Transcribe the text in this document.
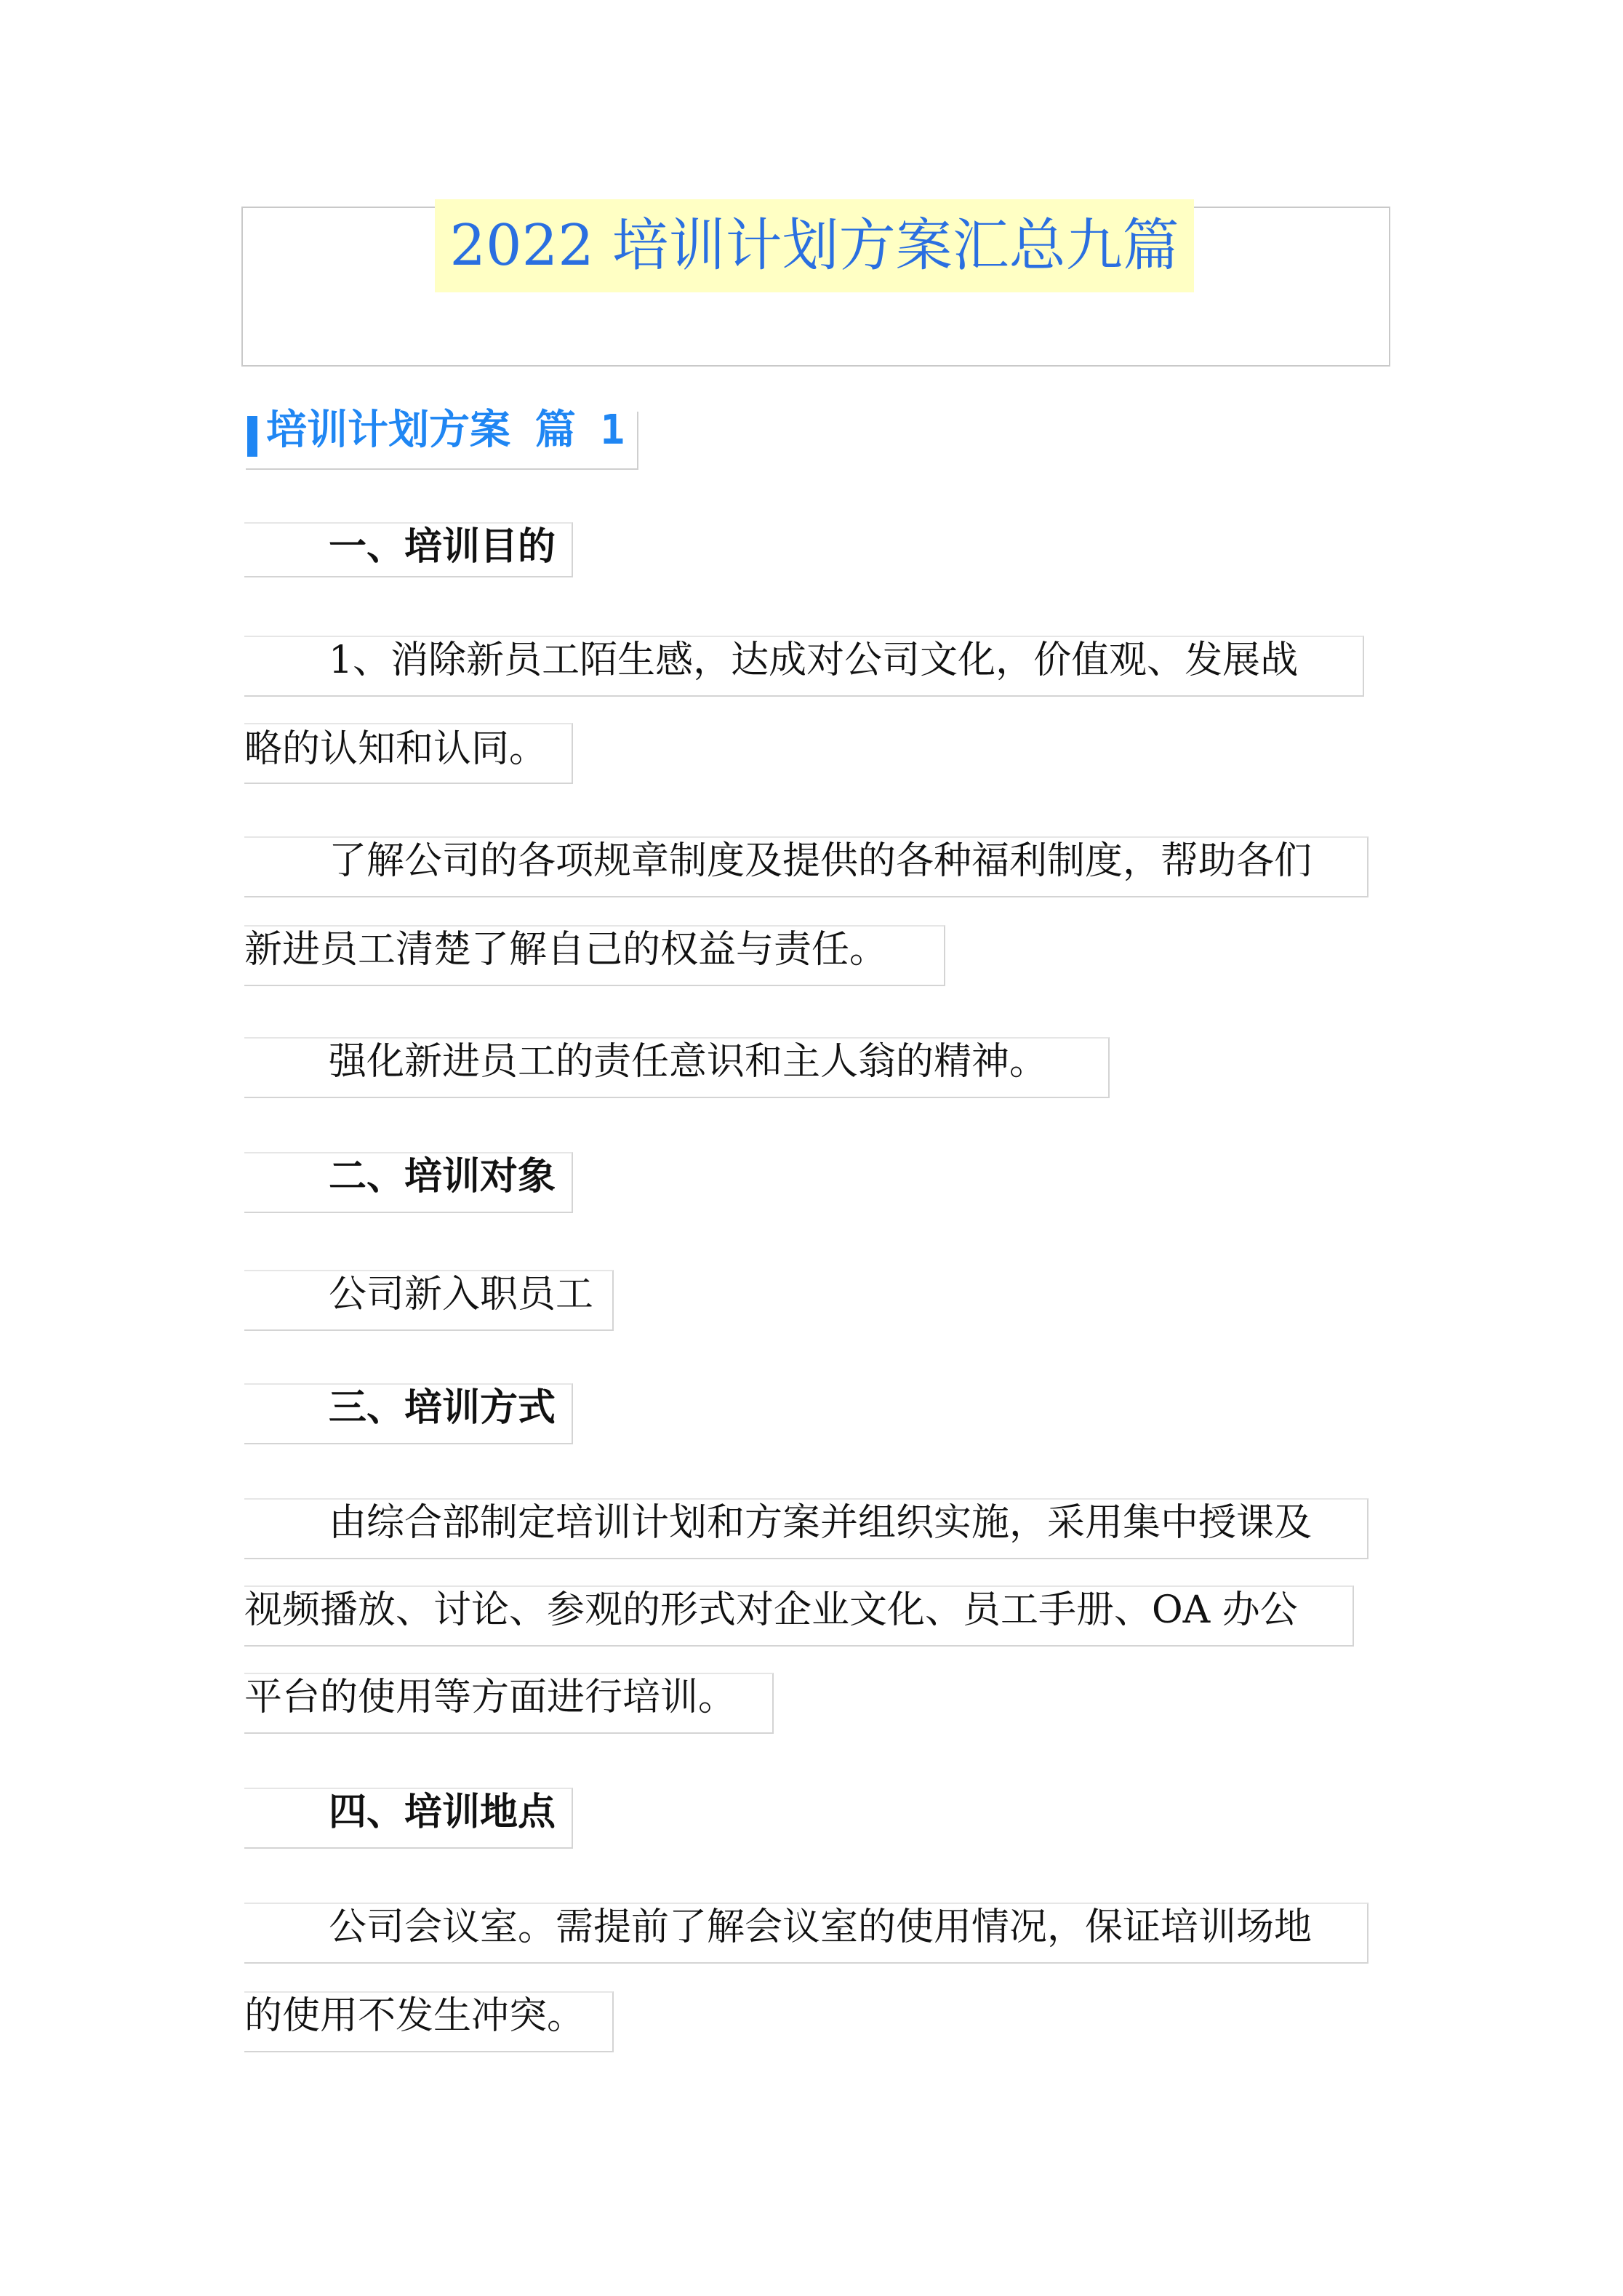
2022 培训计划方案汇总九篇
培训计划方案 篇 1
一、培训目的
1、消除新员工陌生感，达成对公司文化，价值观、发展战
略的认知和认同。
了解公司的各项规章制度及提供的各种福利制度，帮助各们
新进员工清楚了解自己的权益与责任。
强化新进员工的责任意识和主人翁的精神。
二、培训对象
公司新入职员工
三、培训方式
由综合部制定培训计划和方案并组织实施，采用集中授课及
视频播放、讨论、参观的形式对企业文化、员工手册、OA 办公
平台的使用等方面进行培训。
四、培训地点
公司会议室。需提前了解会议室的使用情况，保证培训场地
的使用不发生冲突。
